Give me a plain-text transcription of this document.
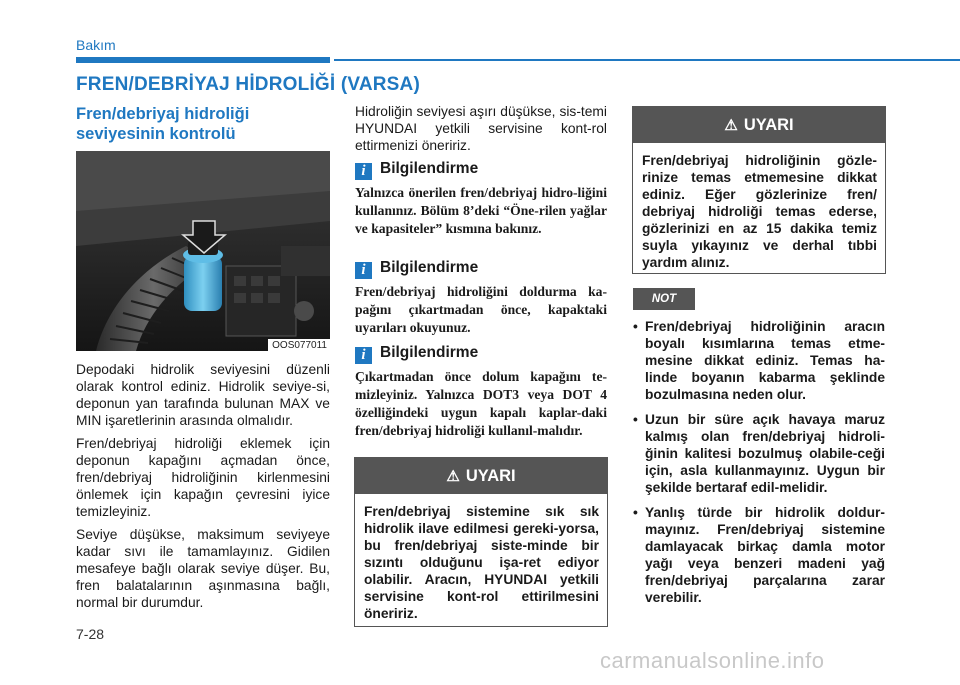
Bakım
FREN/DEBRİYAJ HİDROLİĞİ (VARSA)
Fren/debriyaj hidroliği
seviyesinin kontrolü
OOS077011

Depodaki hidrolik seviyesini düzenli olarak kontrol ediniz. Hidrolik seviye-si, deponun yan tarafında bulunan MAX ve MIN işaretlerinin arasında olmalıdır.

Fren/debriyaj hidroliği eklemek için deponun kapağını açmadan önce, fren/debriyaj hidroliğinin kirlenmesini önlemek için kapağın çevresini iyice temizleyiniz.

Seviye düşükse, maksimum seviyeye kadar sıvı ile tamamlayınız. Gidilen mesafeye bağlı olarak seviye düşer. Bu, fren balatalarının aşınmasına bağlı, normal bir durumdur.

Hidroliğin seviyesi aşırı düşükse, sis-temi HYUNDAI yetkili servisine kont-rol ettirmenizi öneririz.

i Bilgilendirme
Yalnızca önerilen fren/debriyaj hidro-liğini kullanınız. Bölüm 8’deki “Öne-rilen yağlar ve kapasiteler” kısmına bakınız.
i Bilgilendirme
Fren/debriyaj hidroliğini doldurma ka-pağını çıkartmadan önce, kapaktaki uyarıları okuyunuz.
i Bilgilendirme
Çıkartmadan önce dolum kapağını te-mizleyiniz. Yalnızca DOT3 veya DOT 4 özelliğindeki uygun kapalı kaplar-daki fren/debriyaj hidroliği kullanıl-malıdır.
⚠ UYARI
Fren/debriyaj sistemine sık sık hidrolik ilave edilmesi gereki-yorsa, bu fren/debriyaj siste-minde bir sızıntı olduğunu işa-ret ediyor olabilir. Aracın, HYUNDAI yetkili servisine kont-rol ettirilmesini öneririz.
⚠ UYARI
Fren/debriyaj hidroliğinin gözle-rinize temas etmemesine dikkat ediniz. Eğer gözlerinize fren/ debriyaj hidroliği temas ederse, gözlerinizi en az 15 dakika temiz suyla yıkayınız ve derhal tıbbi yardım alınız.
NOT
• Fren/debriyaj hidroliğinin aracın boyalı kısımlarına temas etme-mesine dikkat ediniz. Temas ha-linde boyanın kabarma şeklinde bozulmasına neden olur.
• Uzun bir süre açık havaya maruz kalmış olan fren/debriyaj hidroli-ğinin kalitesi bozulmuş olabile-ceği için, asla kullanmayınız. Uygun bir şekilde bertaraf edil-melidir.
• Yanlış türde bir hidrolik doldur-mayınız. Fren/debriyaj sistemine damlayacak birkaç damla motor yağı veya benzeri madeni yağ fren/debriyaj parçalarına zarar verebilir.
7-28
carmanualsonline.info
